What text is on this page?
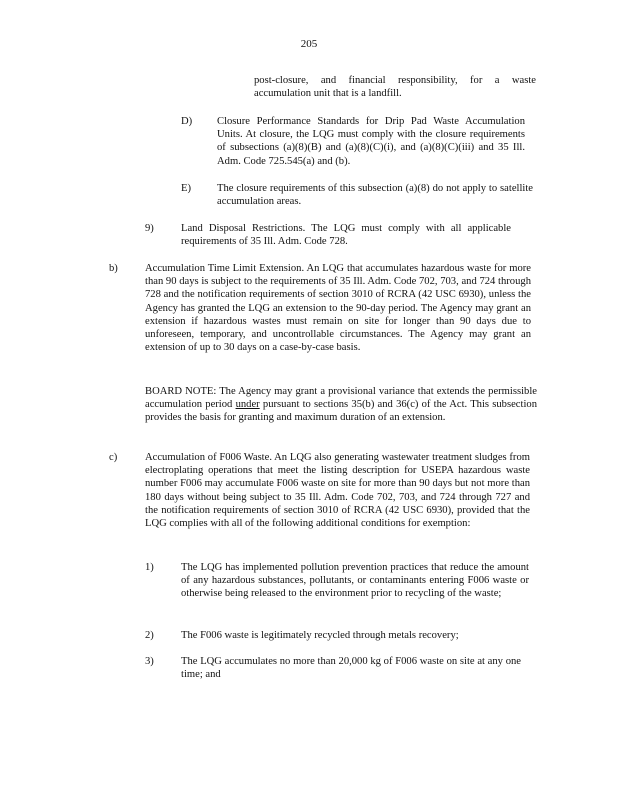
205
post-closure, and financial responsibility, for a waste accumulation unit that is a landfill.
D) Closure Performance Standards for Drip Pad Waste Accumulation Units. At closure, the LQG must comply with the closure requirements of subsections (a)(8)(B) and (a)(8)(C)(i), and (a)(8)(C)(iii) and 35 Ill. Adm. Code 725.545(a) and (b).
E) The closure requirements of this subsection (a)(8) do not apply to satellite accumulation areas.
9)	Land Disposal Restrictions. The LQG must comply with all applicable requirements of 35 Ill. Adm. Code 728.
b)	Accumulation Time Limit Extension. An LQG that accumulates hazardous waste for more than 90 days is subject to the requirements of 35 Ill. Adm. Code 702, 703, and 724 through 728 and the notification requirements of section 3010 of RCRA (42 USC 6930), unless the Agency has granted the LQG an extension to the 90-day period. The Agency may grant an extension if hazardous wastes must remain on site for longer than 90 days due to unforeseen, temporary, and uncontrollable circumstances. The Agency may grant an extension of up to 30 days on a case-by-case basis.
BOARD NOTE: The Agency may grant a provisional variance that extends the permissible accumulation period under pursuant to sections 35(b) and 36(c) of the Act. This subsection provides the basis for granting and maximum duration of an extension.
c)	Accumulation of F006 Waste. An LQG also generating wastewater treatment sludges from electroplating operations that meet the listing description for USEPA hazardous waste number F006 may accumulate F006 waste on site for more than 90 days but not more than 180 days without being subject to 35 Ill. Adm. Code 702, 703, and 724 through 727 and the notification requirements of section 3010 of RCRA (42 USC 6930), provided that the LQG complies with all of the following additional conditions for exemption:
1)	The LQG has implemented pollution prevention practices that reduce the amount of any hazardous substances, pollutants, or contaminants entering F006 waste or otherwise being released to the environment prior to recycling of the waste;
2)	The F006 waste is legitimately recycled through metals recovery;
3)	The LQG accumulates no more than 20,000 kg of F006 waste on site at any one time; and
